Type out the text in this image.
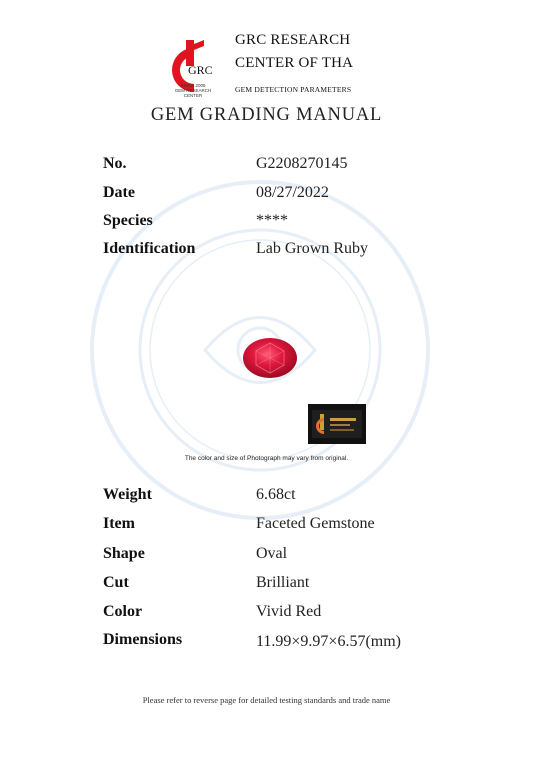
GRC
SINCE 2005
GEM RESEARCH CENTER
GRC RESEARCH
CENTER OF THA
GEM DETECTION PARAMETERS
GEM GRADING MANUAL
No.	G2208270145
Date	08/27/2022
Species	****
Identification	Lab Grown Ruby
The color and size of Photograph may vary from original.
Weight	6.68ct
Item	Faceted Gemstone
Shape	Oval
Cut	Brilliant
Color	Vivid Red
Dimensions	11.99×9.97×6.57(mm)
Please refer to reverse page for detailed testing standards and trade name
